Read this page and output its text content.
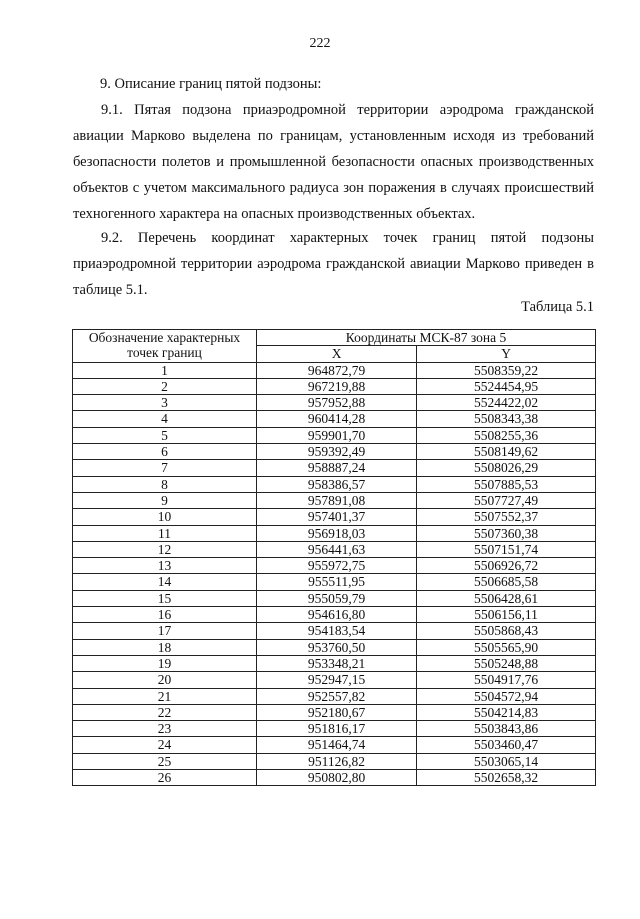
222
9. Описание границ пятой подзоны:
9.1. Пятая подзона приаэродромной территории аэродрома гражданской авиации Марково выделена по границам, установленным исходя из требований безопасности полетов и промышленной безопасности опасных производственных объектов с учетом максимального радиуса зон поражения в случаях происшествий техногенного характера на опасных производственных объектах.
9.2. Перечень координат характерных точек границ пятой подзоны приаэродромной территории аэродрома гражданской авиации Марково приведен в таблице 5.1.
Таблица 5.1
Обозначение характерных точек границ	Координаты МСК-87 зона 5	
	X	Y
1	964872,79	5508359,22
2	967219,88	5524454,95
3	957952,88	5524422,02
4	960414,28	5508343,38
5	959901,70	5508255,36
6	959392,49	5508149,62
7	958887,24	5508026,29
8	958386,57	5507885,53
9	957891,08	5507727,49
10	957401,37	5507552,37
11	956918,03	5507360,38
12	956441,63	5507151,74
13	955972,75	5506926,72
14	955511,95	5506685,58
15	955059,79	5506428,61
16	954616,80	5506156,11
17	954183,54	5505868,43
18	953760,50	5505565,90
19	953348,21	5505248,88
20	952947,15	5504917,76
21	952557,82	5504572,94
22	952180,67	5504214,83
23	951816,17	5503843,86
24	951464,74	5503460,47
25	951126,82	5503065,14
26	950802,80	5502658,32
